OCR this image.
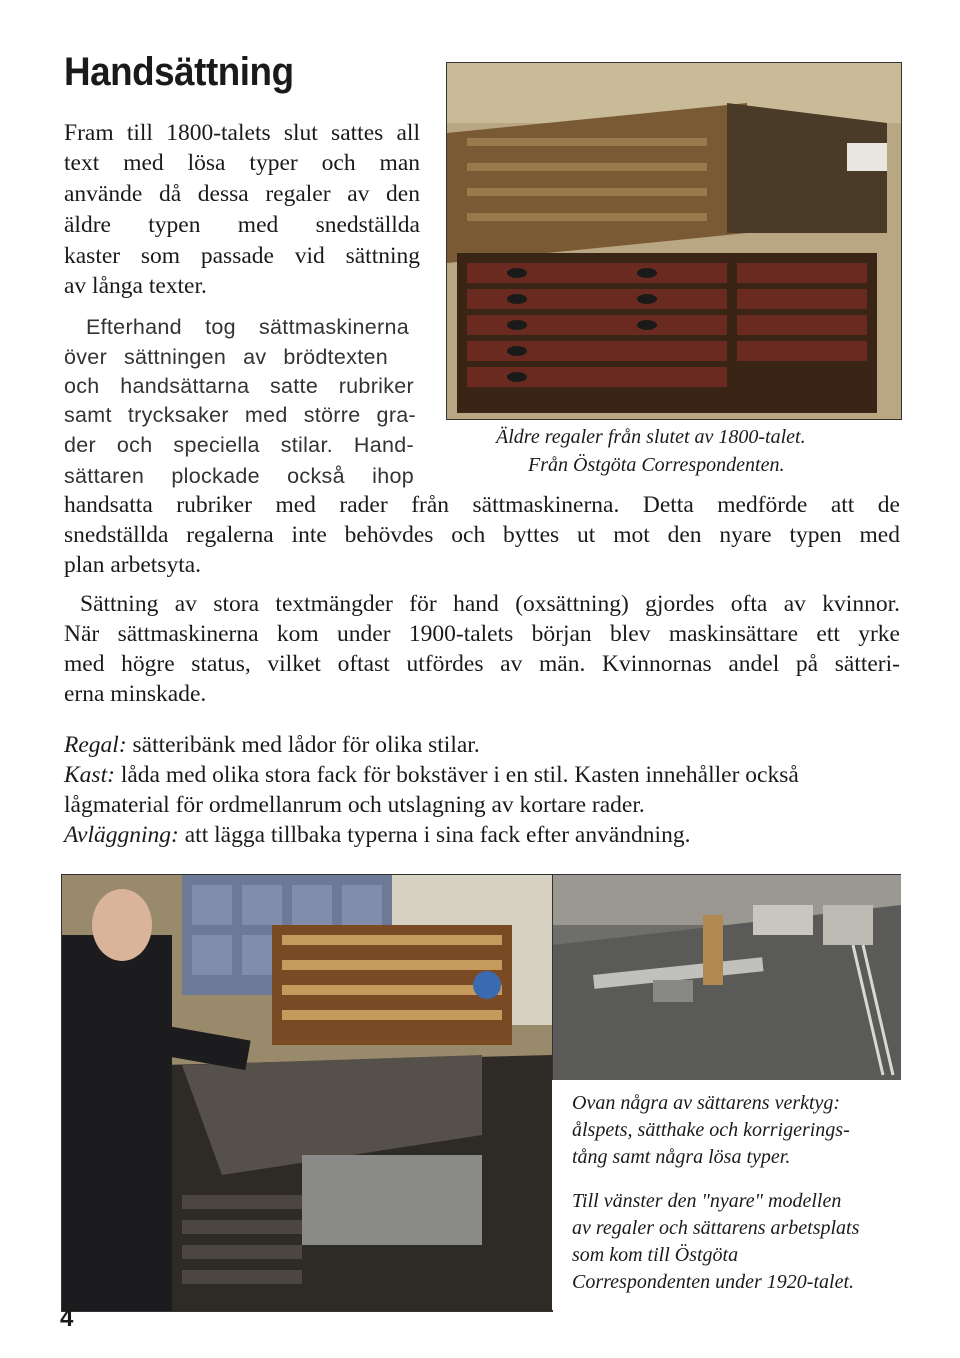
Handsättning
Fram till 1800-talets slut sattes all
text med lösa typer och man
använde då dessa regaler av den
äldre typen med snedställda
kaster som passade vid sättning
av långa texter.
Efterhand tog sättmaskinerna
över sättningen av brödtexten
och handsättarna satte rubriker
samt trycksaker med större gra-
der och speciella stilar. Hand-
sättaren plockade också ihop
Äldre regaler från slutet av 1800-talet.
Från Östgöta Correspondenten.
handsatta rubriker med rader från sättmaskinerna. Detta medförde att de
snedställda regalerna inte behövdes och byttes ut mot den nyare typen med
plan arbetsyta.
Sättning av stora textmängder för hand (oxsättning) gjordes ofta av kvinnor.
När sättmaskinerna kom under 1900-talets början blev maskinsättare ett yrke
med högre status, vilket oftast utfördes av män. Kvinnornas andel på sätteri-
erna minskade.
Regal: sätteribänk med lådor för olika stilar.
Kast: låda med olika stora fack för bokstäver i en stil. Kasten innehåller också
lågmaterial för ordmellanrum och utslagning av kortare rader.
Avläggning: att lägga tillbaka typerna i sina fack efter användning.
Ovan några av sättarens verktyg:
ålspets, sätthake och korrigerings-
tång samt några lösa typer.
Till vänster den "nyare" modellen
av regaler och sättarens arbetsplats
som kom till Östgöta
Correspondenten under 1920-talet.
4
